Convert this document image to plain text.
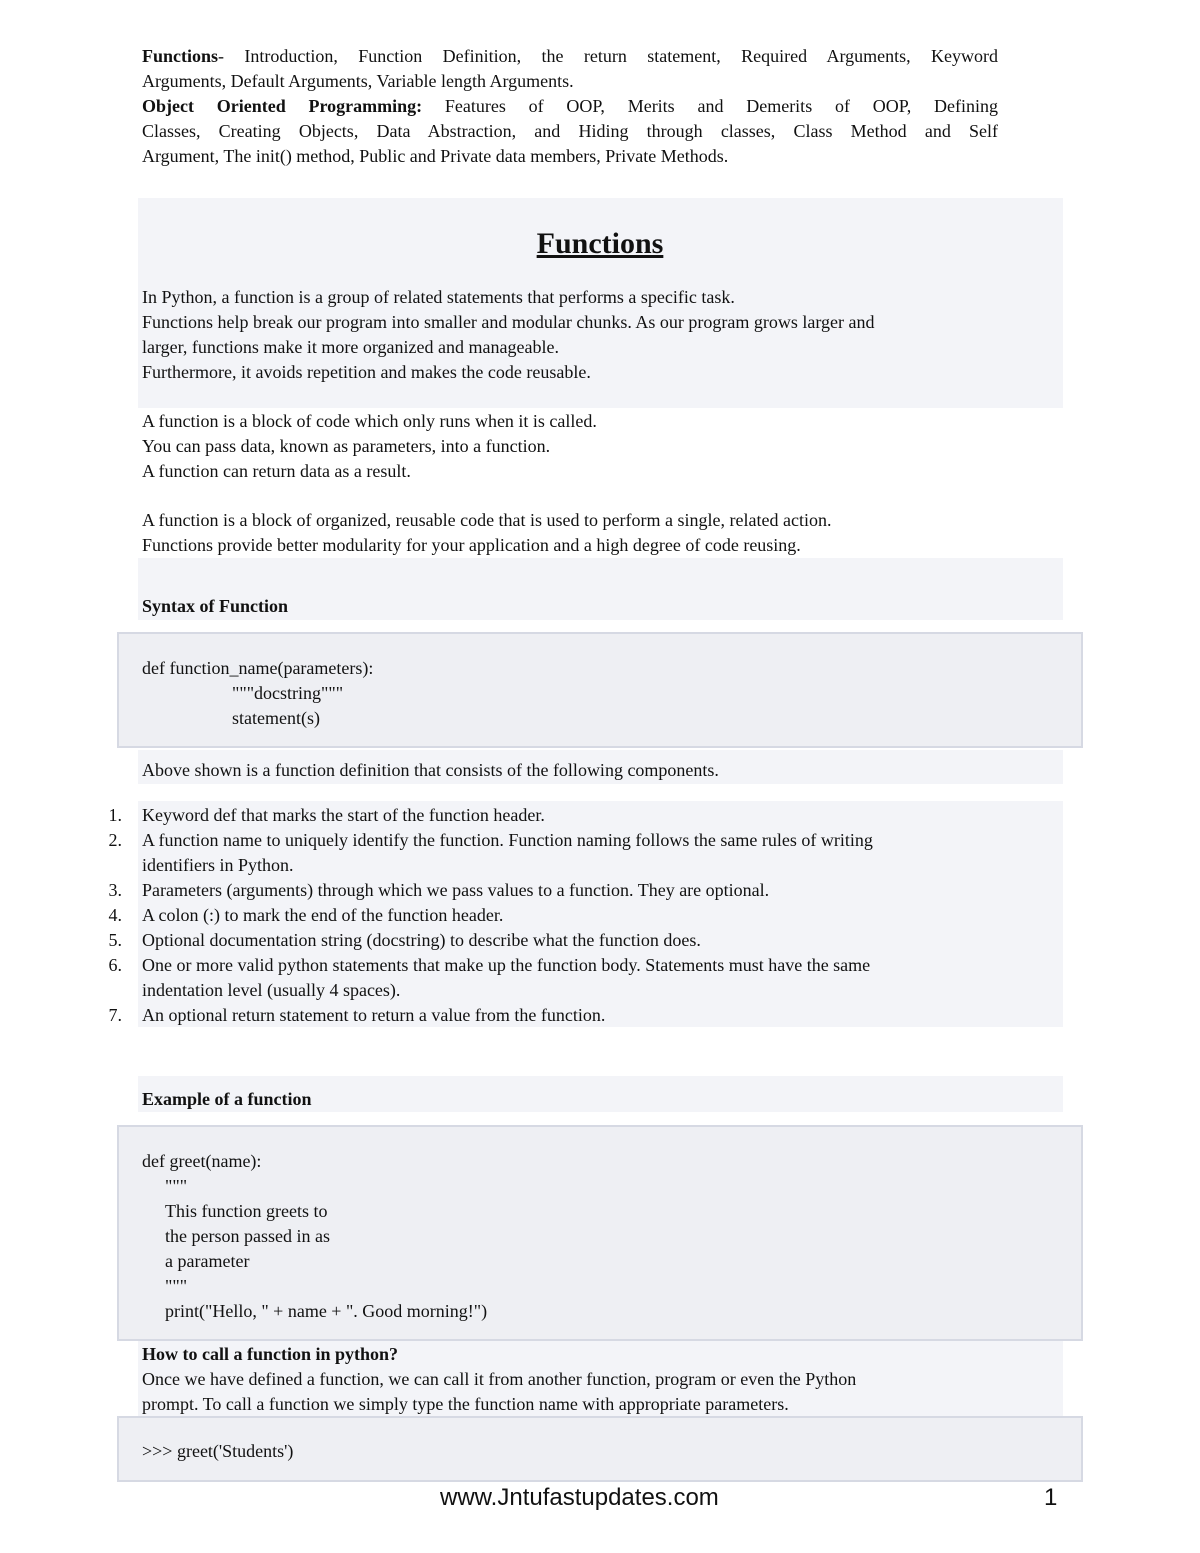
Functions- Introduction, Function Definition, the return statement, Required Arguments, Keyword
Arguments, Default Arguments, Variable length Arguments.
Object Oriented Programming: Features of OOP, Merits and Demerits of OOP, Defining
Classes, Creating Objects, Data Abstraction, and Hiding through classes, Class Method and Self
Argument, The init() method, Public and Private data members, Private Methods.
Functions
In Python, a function is a group of related statements that performs a specific task.
Functions help break our program into smaller and modular chunks. As our program grows larger and
larger, functions make it more organized and manageable.
Furthermore, it avoids repetition and makes the code reusable.
A function is a block of code which only runs when it is called.
You can pass data, known as parameters, into a function.
A function can return data as a result.
A function is a block of organized, reusable code that is used to perform a single, related action.
Functions provide better modularity for your application and a high degree of code reusing.
Syntax of Function
def function_name(parameters):
"""docstring"""
statement(s)
Above shown is a function definition that consists of the following components.
1. Keyword def that marks the start of the function header.
2. A function name to uniquely identify the function. Function naming follows the same rules of writing
identifiers in Python.
3. Parameters (arguments) through which we pass values to a function. They are optional.
4. A colon (:) to mark the end of the function header.
5. Optional documentation string (docstring) to describe what the function does.
6. One or more valid python statements that make up the function body. Statements must have the same
indentation level (usually 4 spaces).
7. An optional return statement to return a value from the function.
Example of a function
def greet(name):
"""
This function greets to
the person passed in as
a parameter
"""
print("Hello, " + name + ". Good morning!")
How to call a function in python?
Once we have defined a function, we can call it from another function, program or even the Python
prompt. To call a function we simply type the function name with appropriate parameters.
>>> greet('Students')
www.Jntufastupdates.com	1
